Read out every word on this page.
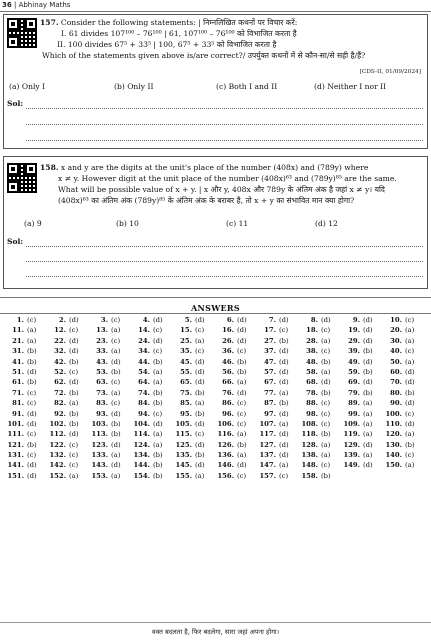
36 | Abhinay Maths
157.
Consider the following statements: | निम्नलिखित कथनों पर विचार करें:
I. 61 divides 107¹⁰⁰ – 76¹⁰⁰ | 61, 107¹⁰⁰ – 76¹⁰⁰ को विभाजित करता है
II. 100 divides 67⁵ + 33⁵ | 100, 67⁵ + 33⁵ को विभाजित करता है
Which of the statements given above is/are correct?/ उपर्युक्त कथनों में से कौन-सा/से सही है/हैं?
[CDS-II, 01/09/2024]
(a) Only I	(b) Only II	(c) Both I and II	(d) Neither I nor II
Sol:
158.
x and y are the digits at the unit's place of the number (408x) and (789y) where
x ≠ y. However digit at the unit place of the number (408x)⁶³ and (789y)⁸⁵ are the same.
What will be possible value of x + y. | x और y, 408x और 789y के अंतिम अंक है जहां x ≠ y। यदि
(408x)⁶³ का अंतिम अंक (789y)⁸⁵ के अंतिम अंक के बराबर है, तो x + y का संभावित मान क्या होगा?
(a) 9	(b) 10	(c) 11	(d) 12
Sol:
ANSWERS
1. (c)	2. (d)	3. (c)	4. (d)	5. (d)	6. (d)	7. (d)	8. (d)	9. (d)	10. (c)
11. (a)	12. (c)	13. (a)	14. (c)	15. (c)	16. (d)	17. (c)	18. (c)	19. (d)	20. (a)
21. (a)	22. (d)	23. (c)	24. (d)	25. (a)	26. (d)	27. (b)	28. (a)	29. (d)	30. (a)
31. (b)	32. (d)	33. (a)	34. (c)	35. (c)	36. (c)	37. (d)	38. (c)	39. (b)	40. (c)
41. (b)	42. (b)	43. (d)	44. (b)	45. (d)	46. (b)	47. (d)	48. (b)	49. (d)	50. (a)
51. (d)	52. (c)	53. (b)	54. (a)	55. (d)	56. (b)	57. (d)	58. (a)	59. (b)	60. (d)
61. (b)	62. (d)	63. (c)	64. (a)	65. (d)	66. (a)	67. (d)	68. (d)	69. (d)	70. (d)
71. (c)	72. (b)	73. (a)	74. (b)	75. (b)	76. (d)	77. (a)	78. (b)	79. (b)	80. (b)
81. (c)	82. (a)	83. (c)	84. (b)	85. (a)	86. (c)	87. (b)	88. (c)	89. (a)	90. (d)
91. (d)	92. (b)	93. (d)	94. (c)	95. (b)	96. (c)	97. (d)	98. (c)	99. (a) 100. (c)
101. (d) 102. (b) 103. (b) 104. (d) 105. (d) 106. (c) 107. (a) 108. (c) 109. (a) 110. (d)
111. (c) 112. (d) 113. (b) 114. (a) 115. (c) 116. (a) 117. (d) 118. (b) 119. (a) 120. (a)
121. (b) 122. (c) 123. (d) 124. (a) 125. (d) 126. (b) 127. (d) 128. (a) 129. (d) 130. (b)
131. (c) 132. (c) 133. (a) 134. (b) 135. (b) 136. (a) 137. (d) 138. (a) 139. (a) 140. (c)
141. (d) 142. (c) 143. (d) 144. (b) 145. (d) 146. (d) 147. (a) 148. (c) 149. (d) 150. (a)
151. (d) 152. (a) 153. (a) 154. (b) 155. (a) 156. (c) 157. (c) 158. (b)
वक्त बदलता है, फिर बदलेगा, सारा जहां अपना होगा।
